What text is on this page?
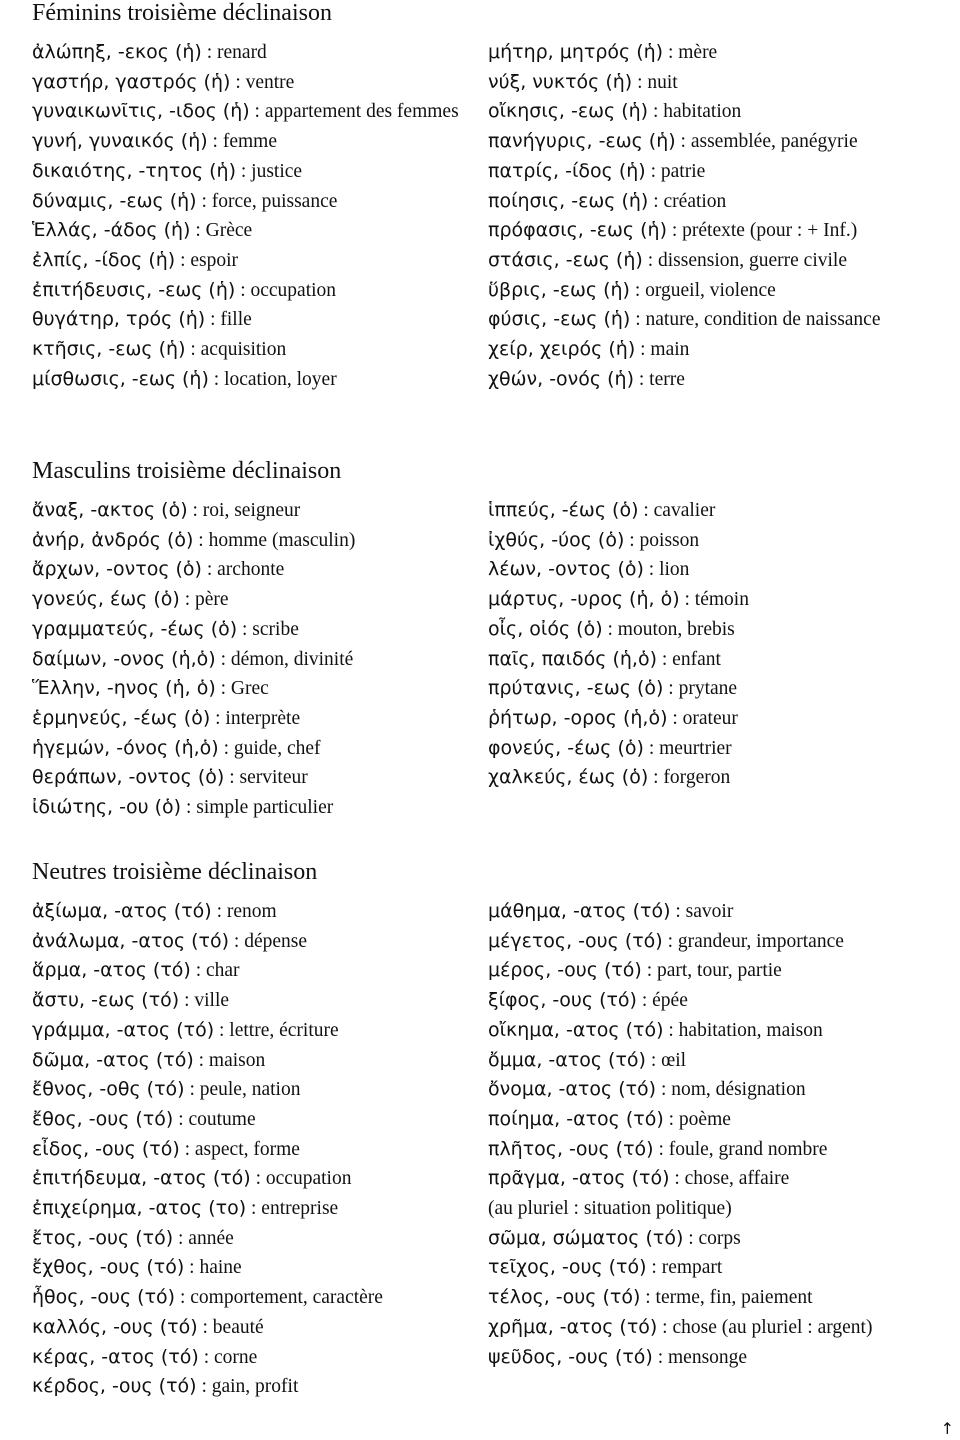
Féminins troisième déclinaison
ἀλώπηξ, -εκος (ἡ) : renard
γαστήρ, γαστρός (ἡ) : ventre
γυναικωνῖτις, -ιδος (ἡ) : appartement des femmes
γυνή, γυναικός (ἡ) : femme
δικαιότης, -τητος (ἡ) : justice
δύναμις, -εως (ἡ) : force, puissance
Ἑλλάς, -άδος (ἡ) : Grèce
ἐλπίς, -ίδος (ἡ) : espoir
ἐπιτήδευσις, -εως (ἡ) : occupation
θυγάτηρ, τρός (ἡ) : fille
κτῆσις, -εως (ἡ) : acquisition
μίσθωσις, -εως (ἡ) : location, loyer
μήτηρ, μητρός (ἡ) : mère
νύξ, νυκτός (ἡ) : nuit
οἴκησις, -εως (ἡ) : habitation
πανήγυρις, -εως (ἡ) : assemblée, panégyrie
πατρίς, -ίδος (ἡ) : patrie
ποίησις, -εως (ἡ) : création
πρόφασις, -εως (ἡ) : prétexte (pour : + Inf.)
στάσις, -εως (ἡ) : dissension, guerre civile
ὕβρις, -εως (ἡ) : orgueil, violence
φύσις, -εως (ἡ) : nature, condition de naissance
χείρ, χειρός (ἡ) : main
χθών, -ονός (ἡ) : terre
Masculins troisième déclinaison
ἄναξ, -ακτος (ὁ) : roi, seigneur
ἀνήρ, ἀνδρός (ὁ) : homme (masculin)
ἄρχων, -οντος (ὁ) : archonte
γονεύς, έως (ὁ) : père
γραμματεύς, -έως (ὁ) : scribe
δαίμων, -ονος (ἡ,ὁ) : démon, divinité
Ἕλλην, -ηνος (ἡ, ὁ) : Grec
ἑρμηνεύς, -έως (ὁ) : interprète
ἡγεμών, -όνος (ἡ,ὁ) : guide, chef
θεράπων, -οντος (ὁ) : serviteur
ἰδιώτης, -ου (ὁ) : simple particulier
ἱππεύς, -έως (ὁ) : cavalier
ἰχθύς, -ύος (ὁ) : poisson
λέων, -οντος (ὁ) : lion
μάρτυς, -υρος (ἡ, ὁ) : témoin
οἶς, οἰός (ὁ) : mouton, brebis
παῖς, παιδός (ἡ,ὁ) : enfant
πρύτανις, -εως (ὁ) : prytane
ῥήτωρ, -ορος (ἡ,ὁ) : orateur
φονεύς, -έως (ὁ) : meurtrier
χαλκεύς, έως (ὁ) : forgeron
Neutres troisième déclinaison
ἀξίωμα, -ατος (τό) : renom
ἀνάλωμα, -ατος (τό) : dépense
ἅρμα, -ατος (τό) : char
ἄστυ, -εως (τό) : ville
γράμμα, -ατος (τό) : lettre, écriture
δῶμα, -ατος (τό) : maison
ἔθνος, -οθς (τό) : peule, nation
ἔθος, -ους (τό) : coutume
εἶδος, -ους (τό) : aspect, forme
ἐπιτήδευμα, -ατος (τό) : occupation
ἐπιχείρημα, -ατος (το) : entreprise
ἔτος, -ους (τό) : année
ἔχθος, -ους (τό) : haine
ἦθος, -ους (τό) : comportement, caractère
καλλός, -ους (τό) : beauté
κέρας, -ατος (τό) : corne
κέρδος, -ους (τό) : gain, profit
μάθημα, -ατος (τό) : savoir
μέγετος, -ους (τό) : grandeur, importance
μέρος, -ους (τό) : part, tour, partie
ξίφος, -ους (τό) : épée
οἴκημα, -ατος (τό) : habitation, maison
ὄμμα, -ατος (τό) : œil
ὄνομα, -ατος (τό) : nom, désignation
ποίημα, -ατος (τό) : poème
πλῆτος, -ους (τό) : foule, grand nombre
πρᾶγμα, -ατος (τό) : chose, affaire
(au pluriel : situation politique)
σῶμα, σώματος (τό) : corps
τεῖχος, -ους (τό) : rempart
τέλος, -ους (τό) : terme, fin, paiement
χρῆμα, -ατος (τό) : chose (au pluriel : argent)
ψεῦδος, -ους (τό) : mensonge
↑
